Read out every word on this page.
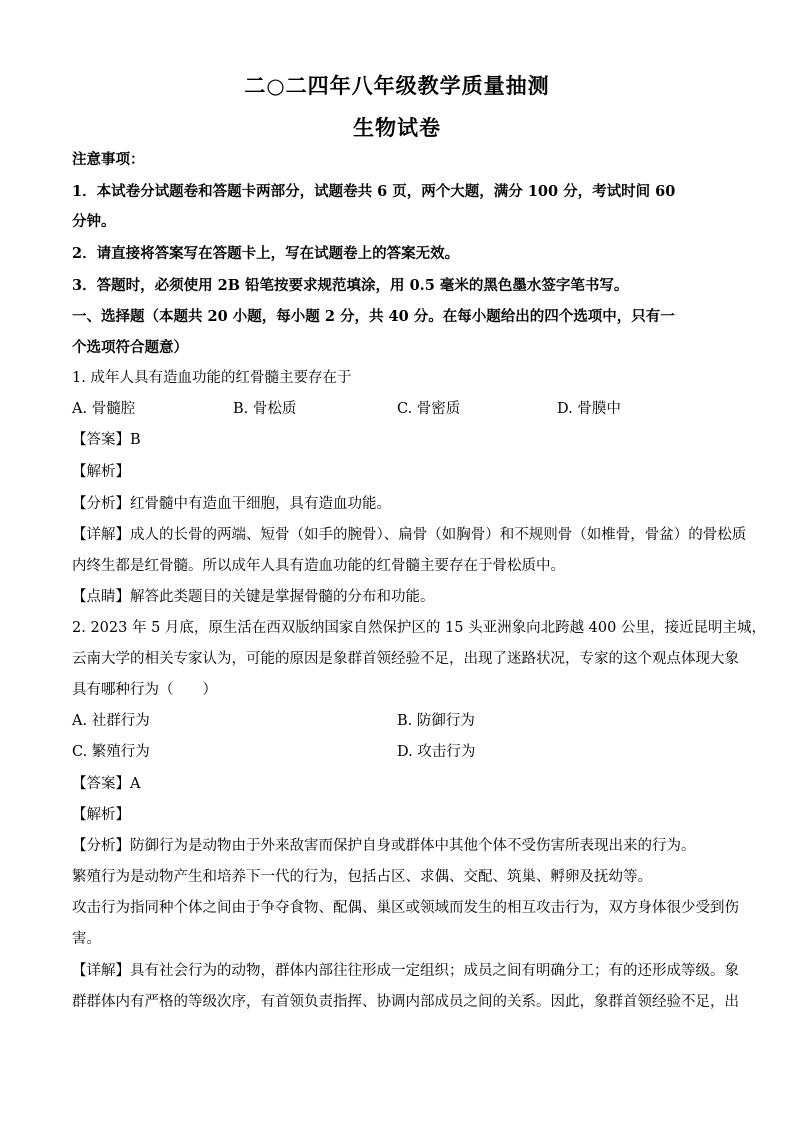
二○二四年八年级教学质量抽测
生物试卷
注意事项：
1．本试卷分试题卷和答题卡两部分，试题卷共 6 页，两个大题，满分 100 分，考试时间 60
分钟。
2．请直接将答案写在答题卡上，写在试题卷上的答案无效。
3．答题时，必须使用 2B 铅笔按要求规范填涂，用 0.5 毫米的黑色墨水签字笔书写。
一、选择题（本题共 20 小题，每小题 2 分，共 40 分。在每小题给出的四个选项中，只有一
个选项符合题意）
1. 成年人具有造血功能的红骨髓主要存在于
A. 骨髓腔	B. 骨松质	C. 骨密质	D. 骨膜中
【答案】B
【解析】
【分析】红骨髓中有造血干细胞，具有造血功能。
【详解】成人的长骨的两端、短骨（如手的腕骨）、扁骨（如胸骨）和不规则骨（如椎骨，骨盆）的骨松质
内终生都是红骨髓。所以成年人具有造血功能的红骨髓主要存在于骨松质中。
【点睛】解答此类题目的关键是掌握骨髓的分布和功能。
2. 2023 年 5 月底，原生活在西双版纳国家自然保护区的 15 头亚洲象向北跨越 400 公里，接近昆明主城，
云南大学的相关专家认为，可能的原因是象群首领经验不足，出现了迷路状况，专家的这个观点体现大象
具有哪种行为（　　）
A. 社群行为	B. 防御行为
C. 繁殖行为	D. 攻击行为
【答案】A
【解析】
【分析】防御行为是动物由于外来敌害而保护自身或群体中其他个体不受伤害所表现出来的行为。
繁殖行为是动物产生和培养下一代的行为，包括占区、求偶、交配、筑巢、孵卵及抚幼等。
攻击行为指同种个体之间由于争夺食物、配偶、巢区或领域而发生的相互攻击行为，双方身体很少受到伤
害。
【详解】具有社会行为的动物，群体内部往往形成一定组织；成员之间有明确分工；有的还形成等级。象
群群体内有严格的等级次序，有首领负责指挥、协调内部成员之间的关系。因此，象群首领经验不足，出
